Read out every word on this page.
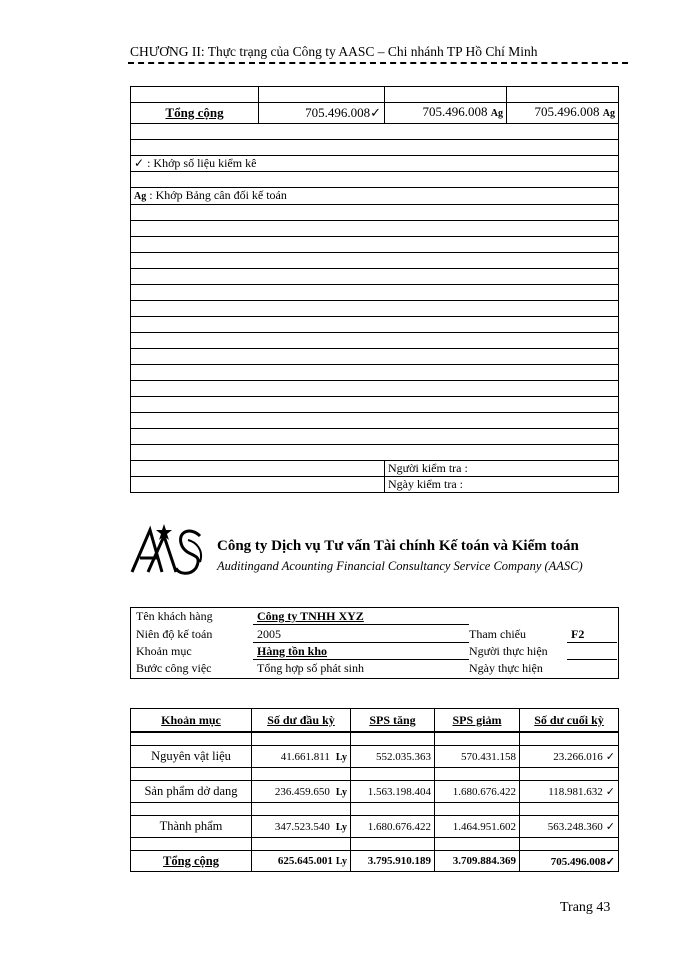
CHƯƠNG II: Thực trạng của Công ty AASC – Chi nhánh TP Hồ Chí Minh

Tổng cộng	705.496.008✓	705.496.008 Ag	705.496.008 Ag

✓ : Khớp số liệu kiểm kê			

Ag : Khớp Bảng cân đối kế toán			

		Người kiểm tra :	
		Ngày kiểm tra :	
Công ty Dịch vụ Tư vấn Tài chính Kế toán và Kiểm toán
Auditingand Acounting Financial Consultancy Service Company (AASC)
Tên khách hàng	Công ty TNHH XYZ
Niên độ kế toán	2005	Tham chiếu	F2
Khoản mục	Hàng tồn kho	Người thực hiện
Bước công việc	Tổng hợp số phát sinh	Ngày thực hiện
Khoản mục	Số dư đầu kỳ	SPS tăng	SPS giảm	Số dư cuối kỳ

Nguyên vật liệu	41.661.811 Ly	552.035.363	570.431.158	23.266.016 ✓

Sản phẩm dở dang	236.459.650 Ly	1.563.198.404	1.680.676.422	118.981.632 ✓

Thành phẩm	347.523.540 Ly	1.680.676.422	1.464.951.602	563.248.360 ✓

Tổng cộng	625.645.001 Ly	3.795.910.189	3.709.884.369	705.496.008✓
Trang 43
